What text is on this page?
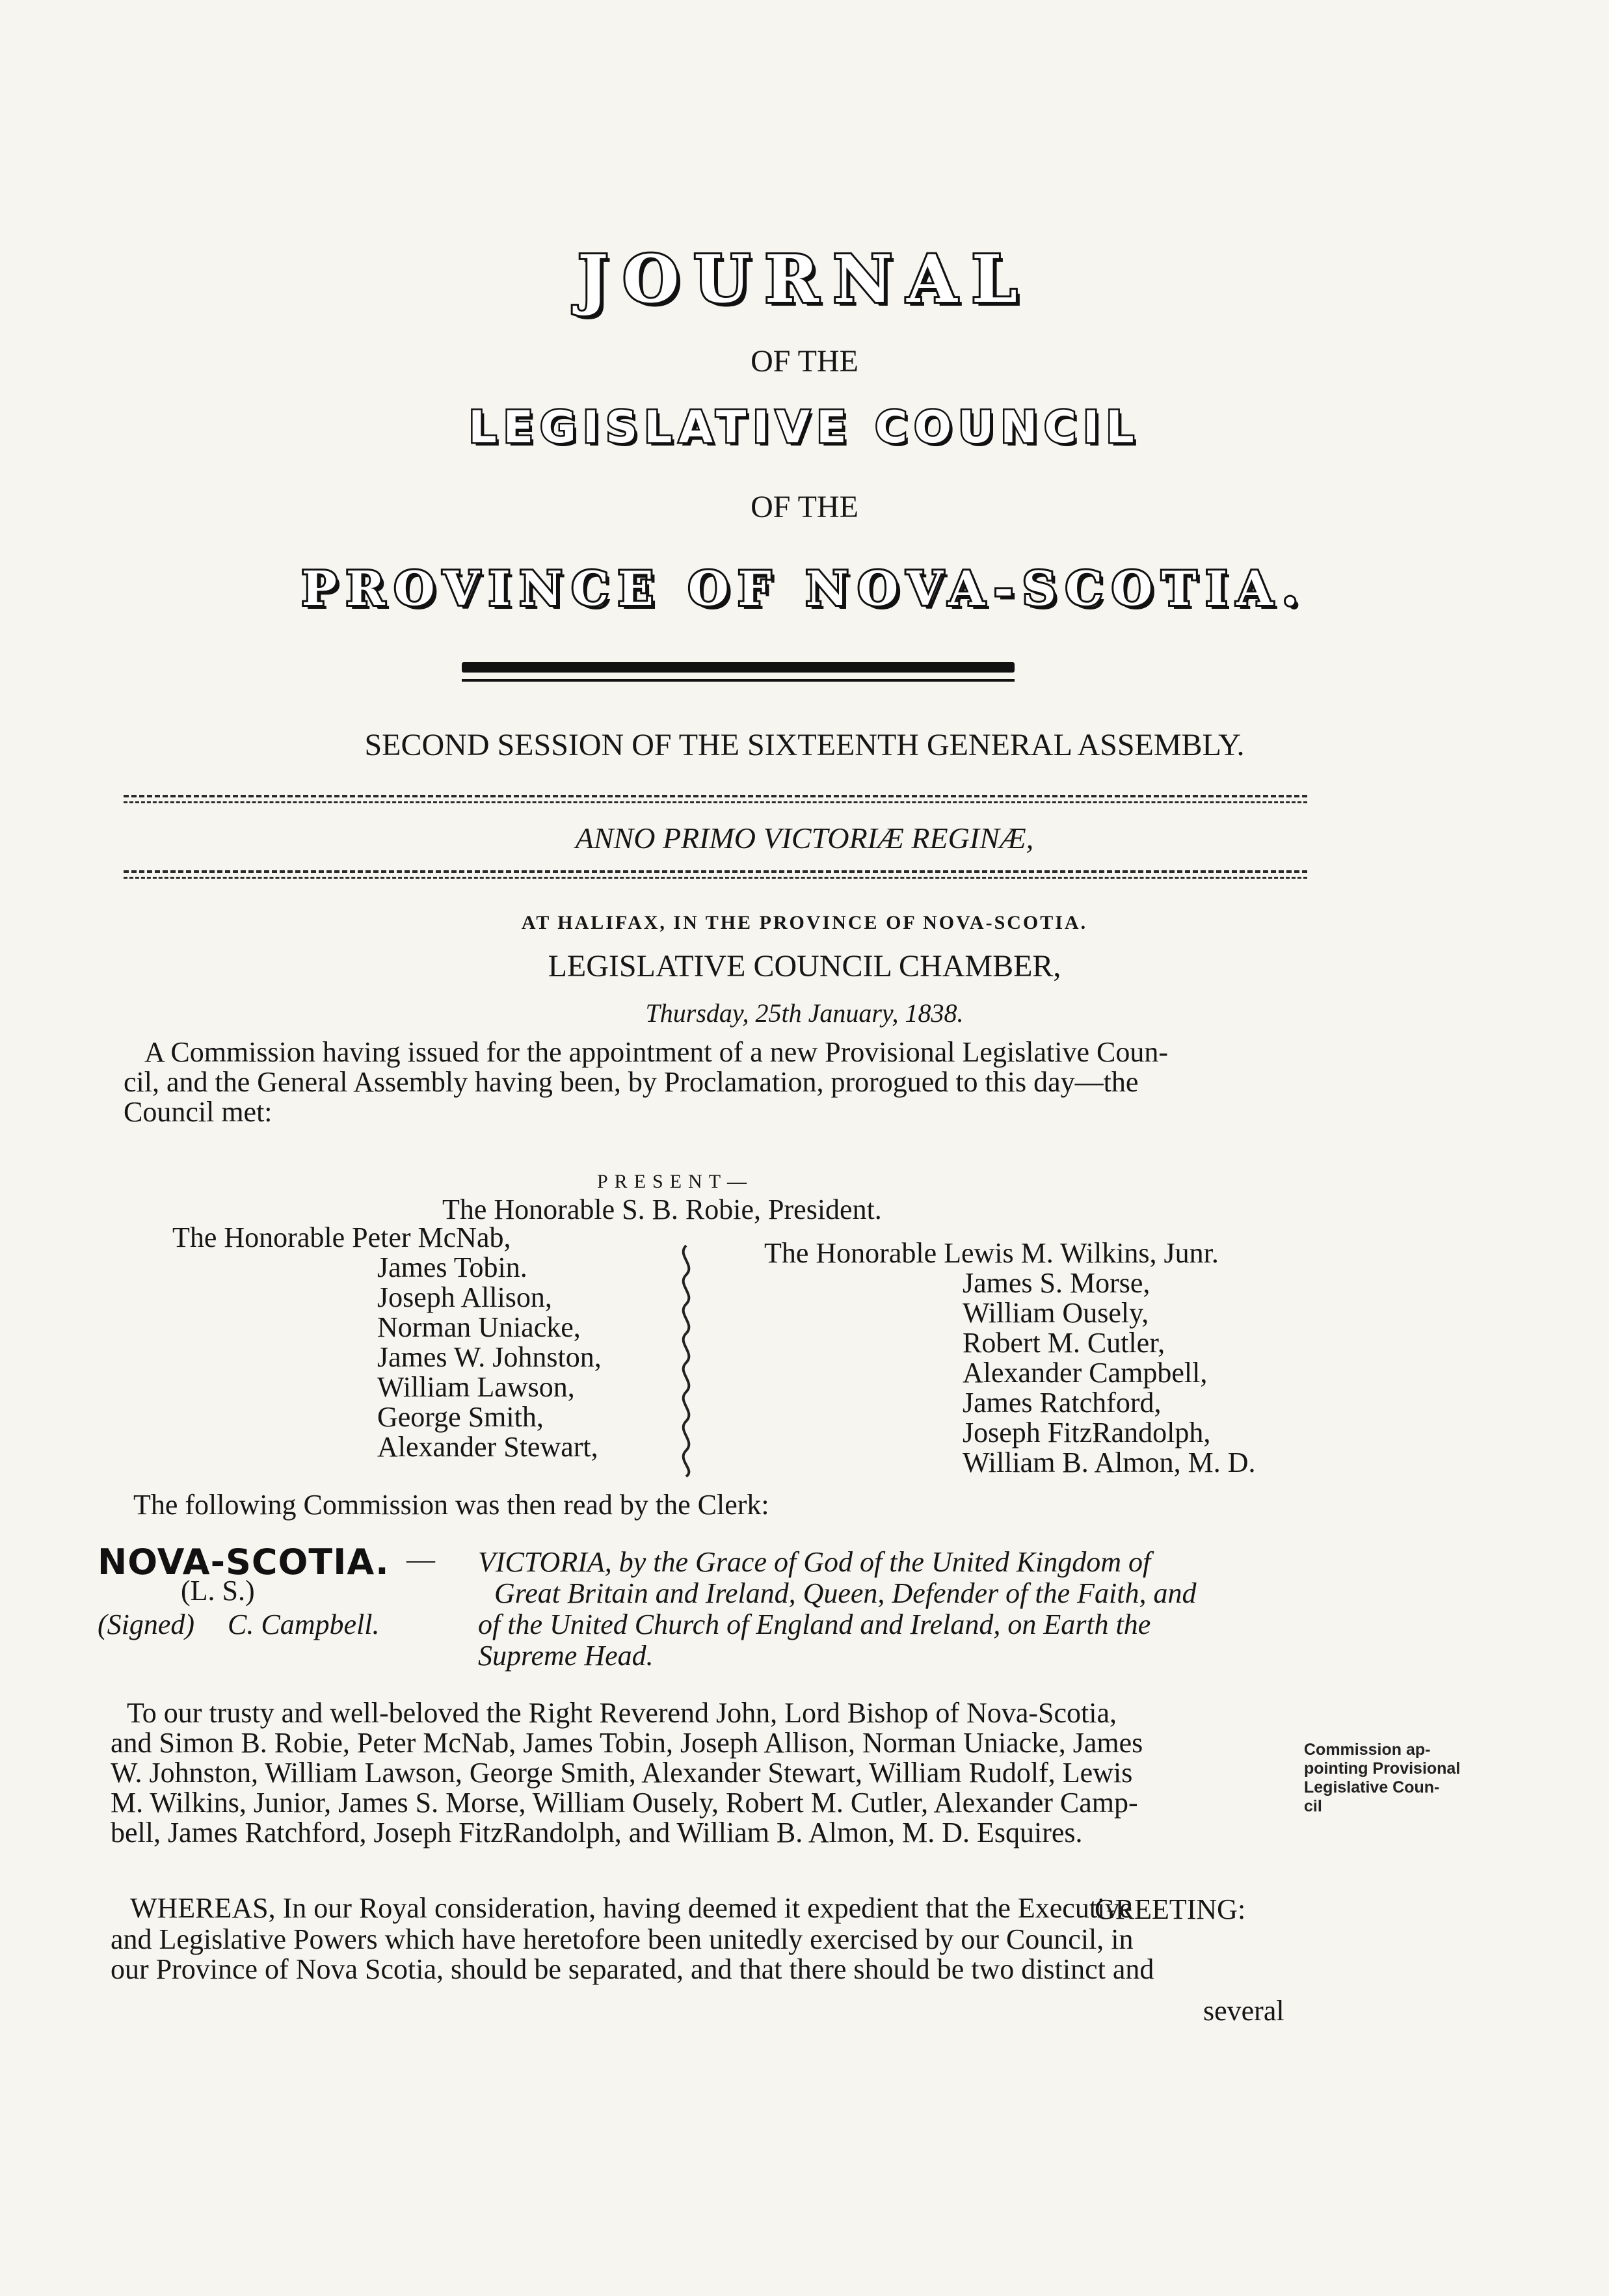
JOURNAL
OF THE
LEGISLATIVE COUNCIL
OF THE
PROVINCE OF NOVA-SCOTIA.
SECOND SESSION OF THE SIXTEENTH GENERAL ASSEMBLY.
ANNO PRIMO VICTORIÆ REGINÆ,
AT HALIFAX, IN THE PROVINCE OF NOVA-SCOTIA.
LEGISLATIVE COUNCIL CHAMBER,
Thursday, 25th January, 1838.
A Commission having issued for the appointment of a new Provisional Legislative Coun-
cil, and the General Assembly having been, by Proclamation, prorogued to this day—the
Council met:
PRESENT—
The Honorable S. B. Robie, President.
The Honorable Peter McNab,
James Tobin.
Joseph Allison,
Norman Uniacke,
James W. Johnston,
William Lawson,
George Smith,
Alexander Stewart,
The Honorable Lewis M. Wilkins, Junr.
James S. Morse,
William Ousely,
Robert M. Cutler,
Alexander Campbell,
James Ratchford,
Joseph FitzRandolph,
William B. Almon, M. D.
The following Commission was then read by the Clerk:
NOVA-SCOTIA. —
(L. S.)
(Signed) C. Campbell.
VICTORIA, by the Grace of God of the United Kingdom of
Great Britain and Ireland, Queen, Defender of the Faith, and
of the United Church of England and Ireland, on Earth the
Supreme Head.
To our trusty and well-beloved the Right Reverend John, Lord Bishop of Nova-Scotia,
and Simon B. Robie, Peter McNab, James Tobin, Joseph Allison, Norman Uniacke, James
W. Johnston, William Lawson, George Smith, Alexander Stewart, William Rudolf, Lewis
M. Wilkins, Junior, James S. Morse, William Ousely, Robert M. Cutler, Alexander Camp-
bell, James Ratchford, Joseph FitzRandolph, and William B. Almon, M. D. Esquires.
Commission ap-
pointing Provisional
Legislative Coun-
cil
GREETING:
WHEREAS, In our Royal consideration, having deemed it expedient that the Executive
and Legislative Powers which have heretofore been unitedly exercised by our Council, in
our Province of Nova Scotia, should be separated, and that there should be two distinct and
several
